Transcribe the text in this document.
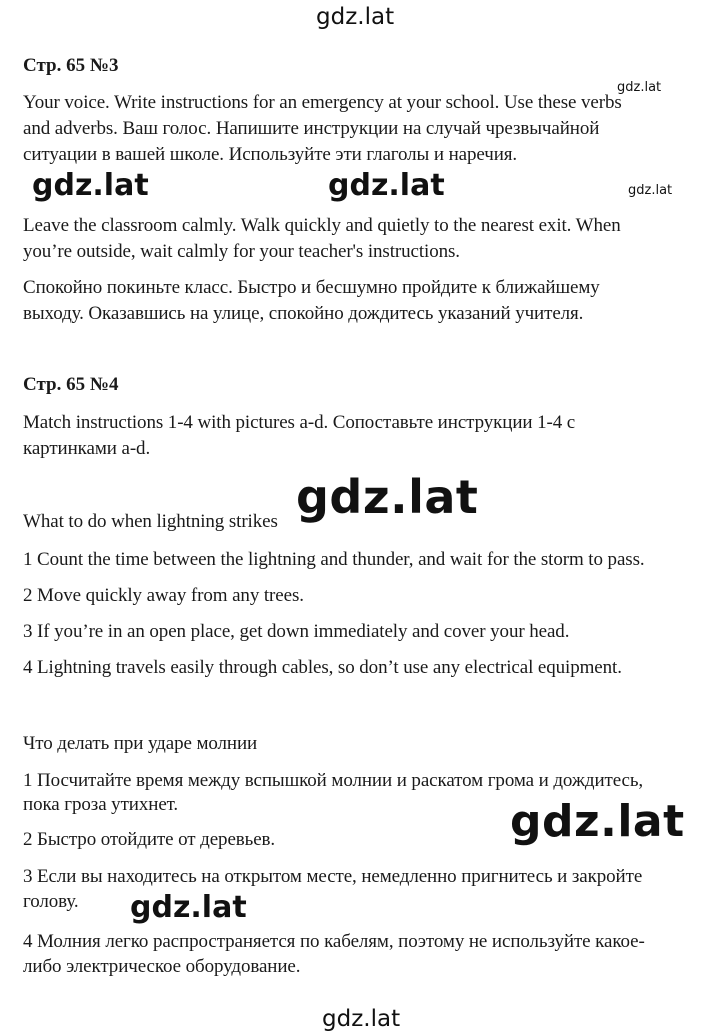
gdz.lat
gdz.lat
gdz.lat	gdz.lat	gdz.lat
gdz.lat
gdz.lat
gdz.lat
gdz.lat
Стр. 65 №3
Your voice. Write instructions for an emergency at your school. Use these verbs
and adverbs. Ваш голос. Напишите инструкции на случай чрезвычайной
ситуации в вашей школе. Используйте эти глаголы и наречия.
Leave the classroom calmly. Walk quickly and quietly to the nearest exit. When
you’re outside, wait calmly for your teacher's instructions.
Спокойно покиньте класс. Быстро и бесшумно пройдите к ближайшему
выходу. Оказавшись на улице, спокойно дождитесь указаний учителя.
Стр. 65 №4
Match instructions 1-4 with pictures a-d. Сопоставьте инструкции 1-4 с
картинками a-d.
What to do when lightning strikes
1 Count the time between the lightning and thunder, and wait for the storm to pass.
2 Move quickly away from any trees.
3 If you’re in an open place, get down immediately and cover your head.
4 Lightning travels easily through cables, so don’t use any electrical equipment.
Что делать при ударе молнии
1 Посчитайте время между вспышкой молнии и раскатом грома и дождитесь,
пока гроза утихнет.
2 Быстро отойдите от деревьев.
3 Если вы находитесь на открытом месте, немедленно пригнитесь и закройте
голову.
4 Молния легко распространяется по кабелям, поэтому не используйте какое-
либо электрическое оборудование.
